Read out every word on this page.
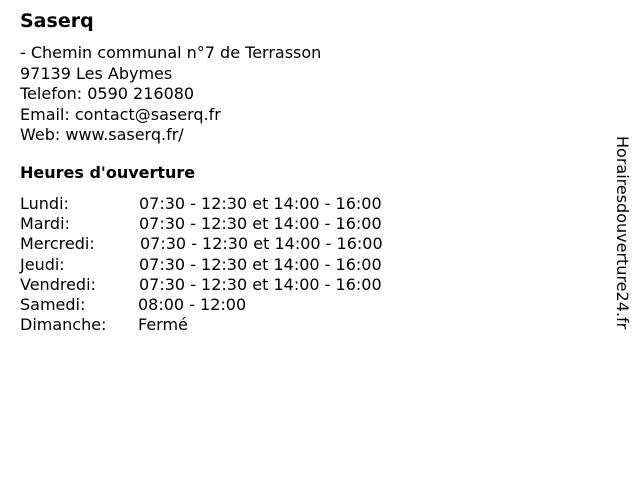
Saserq
- Chemin communal n°7 de Terrasson
97139 Les Abymes
Telefon: 0590 216080
Email: contact@saserq.fr
Web: www.saserq.fr/
Heures d'ouverture
Lundi:	07:30 - 12:30 et 14:00 - 16:00
Mardi:	07:30 - 12:30 et 14:00 - 16:00
Mercredi:	07:30 - 12:30 et 14:00 - 16:00
Jeudi:	07:30 - 12:30 et 14:00 - 16:00
Vendredi:	07:30 - 12:30 et 14:00 - 16:00
Samedi:	08:00 - 12:00
Dimanche: Fermé	Horairesdouverture24.fr
